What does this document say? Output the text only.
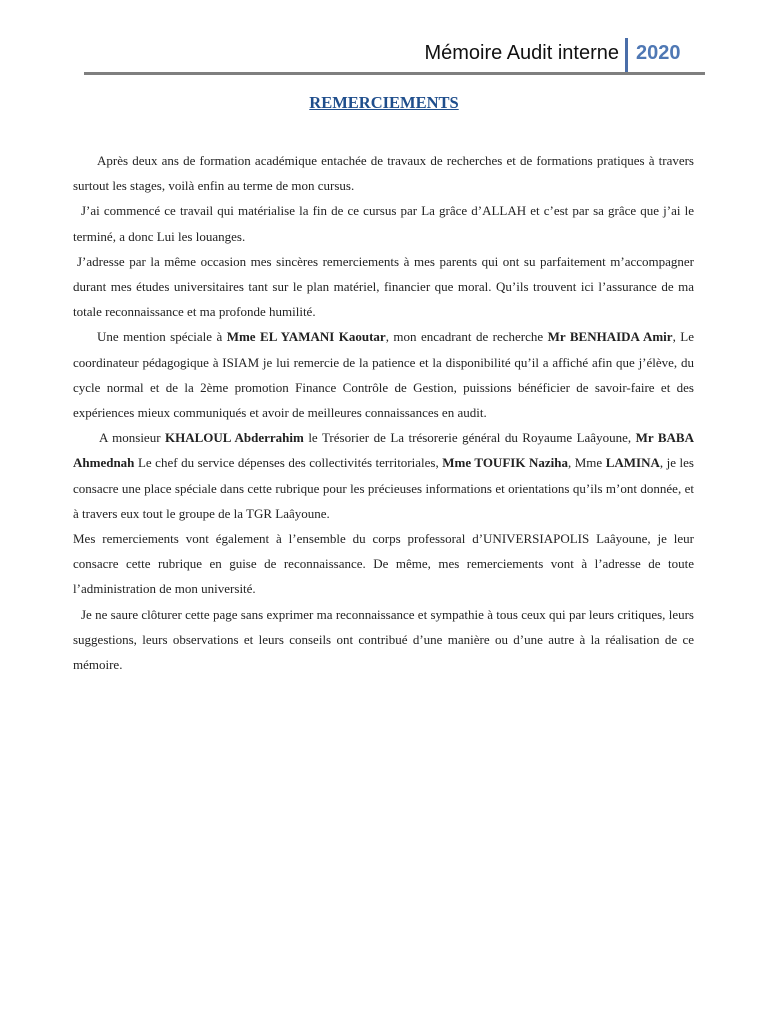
Mémoire Audit interne 2020
REMERCIEMENTS

Après deux ans de formation académique entachée de travaux de recherches et de formations pratiques à travers surtout les stages, voilà enfin au terme de mon cursus.

J’ai commencé ce travail qui matérialise la fin de ce cursus par La grâce d’ALLAH et c’est par sa grâce que j’ai le terminé, a donc Lui les louanges.

J’adresse par la même occasion mes sincères remerciements à mes parents qui ont su parfaitement m’accompagner durant mes études universitaires tant sur le plan matériel, financier que moral. Qu’ils trouvent ici l’assurance de ma totale reconnaissance et ma profonde humilité.

Une mention spéciale à Mme EL YAMANI Kaoutar, mon encadrant de recherche Mr BENHAIDA Amir, Le coordinateur pédagogique à ISIAM je lui remercie de la patience et la disponibilité qu’il a affiché afin que j’élève, du cycle normal et de la 2ème promotion Finance Contrôle de Gestion, puissions bénéficier de savoir-faire et des expériences mieux communiqués et avoir de meilleures connaissances en audit.

A monsieur KHALOUL Abderrahim le Trésorier de La trésorerie général du Royaume Laâyoune, Mr BABA Ahmednah Le chef du service dépenses des collectivités territoriales, Mme TOUFIK Naziha, Mme LAMINA, je les consacre une place spéciale dans cette rubrique pour les précieuses informations et orientations qu’ils m’ont donnée, et à travers eux tout le groupe de la TGR Laâyoune.

Mes remerciements vont également à l’ensemble du corps professoral d’UNIVERSIAPOLIS Laâyoune, je leur consacre cette rubrique en guise de reconnaissance. De même, mes remerciements vont à l’adresse de toute l’administration de mon université.

Je ne saure clôturer cette page sans exprimer ma reconnaissance et sympathie à tous ceux qui par leurs critiques, leurs suggestions, leurs observations et leurs conseils ont contribué d’une manière ou d’une autre à la réalisation de ce mémoire.
